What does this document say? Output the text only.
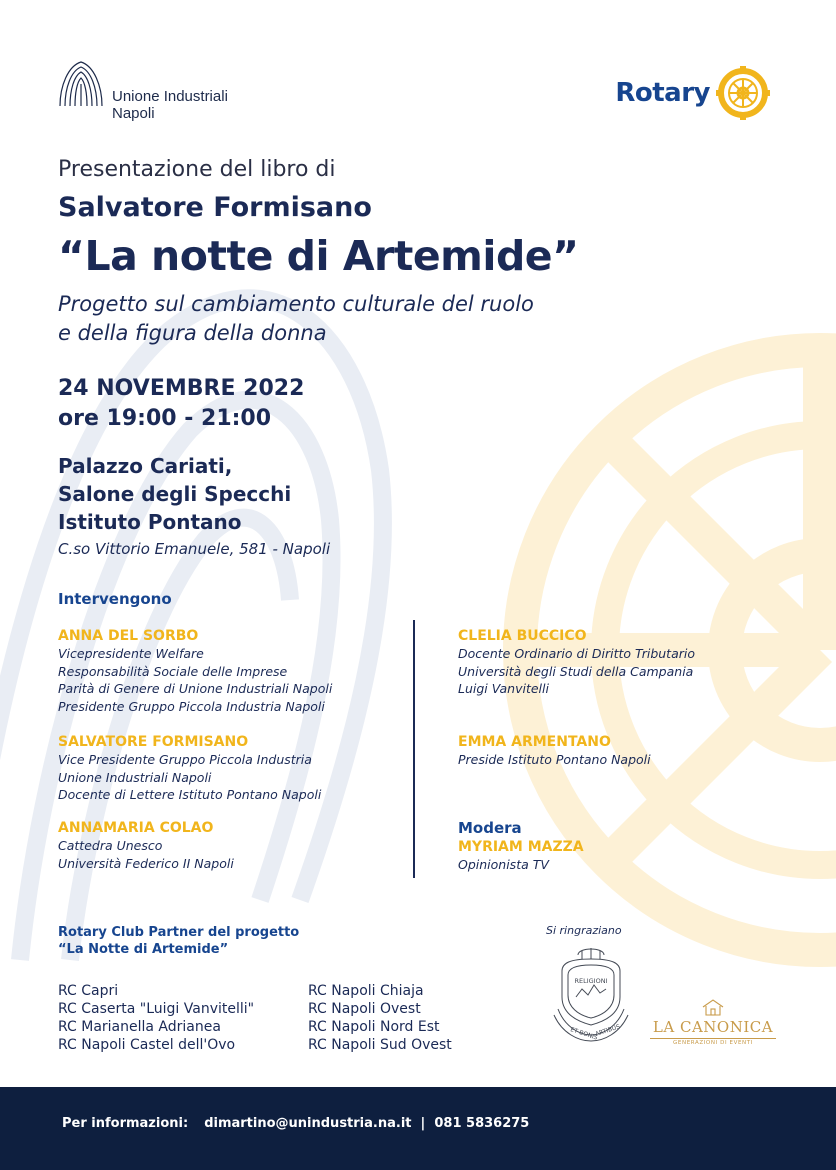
Unione Industriali
Napoli
Rotary
Presentazione del libro di
Salvatore Formisano
“La notte di Artemide”
Progetto sul cambiamento culturale del ruolo
e della figura della donna
24 NOVEMBRE 2022
ore 19:00 - 21:00
Palazzo Cariati,
Salone degli Specchi
Istituto Pontano
C.so Vittorio Emanuele, 581 - Napoli
Intervengono
ANNA DEL SORBO
Vicepresidente Welfare
Responsabilità Sociale delle Imprese
Parità di Genere di Unione Industriali Napoli
Presidente Gruppo Piccola Industria Napoli
SALVATORE FORMISANO
Vice Presidente Gruppo Piccola Industria
Unione Industriali Napoli
Docente di Lettere Istituto Pontano Napoli
ANNAMARIA COLAO
Cattedra Unesco
Università Federico II Napoli
CLELIA BUCCICO
Docente Ordinario di Diritto Tributario
Università degli Studi della Campania
Luigi Vanvitelli
EMMA ARMENTANO
Preside Istituto Pontano Napoli
Modera
MYRIAM MAZZA
Opinionista TV
Rotary Club Partner del progetto
“La Notte di Artemide”
RC Capri
RC Caserta "Luigi Vanvitelli"
RC Marianella Adrianea
RC Napoli Castel dell'Ovo
RC Napoli Chiaja
RC Napoli Ovest
RC Napoli Nord Est
RC Napoli Sud Ovest
Si ringraziano
RELIGIONI
ET BONIS
ARTIBUS LA CANONICA
GENERAZIONI DI EVENTI
Per informazioni: dimartino@unindustria.na.it | 081 5836275
